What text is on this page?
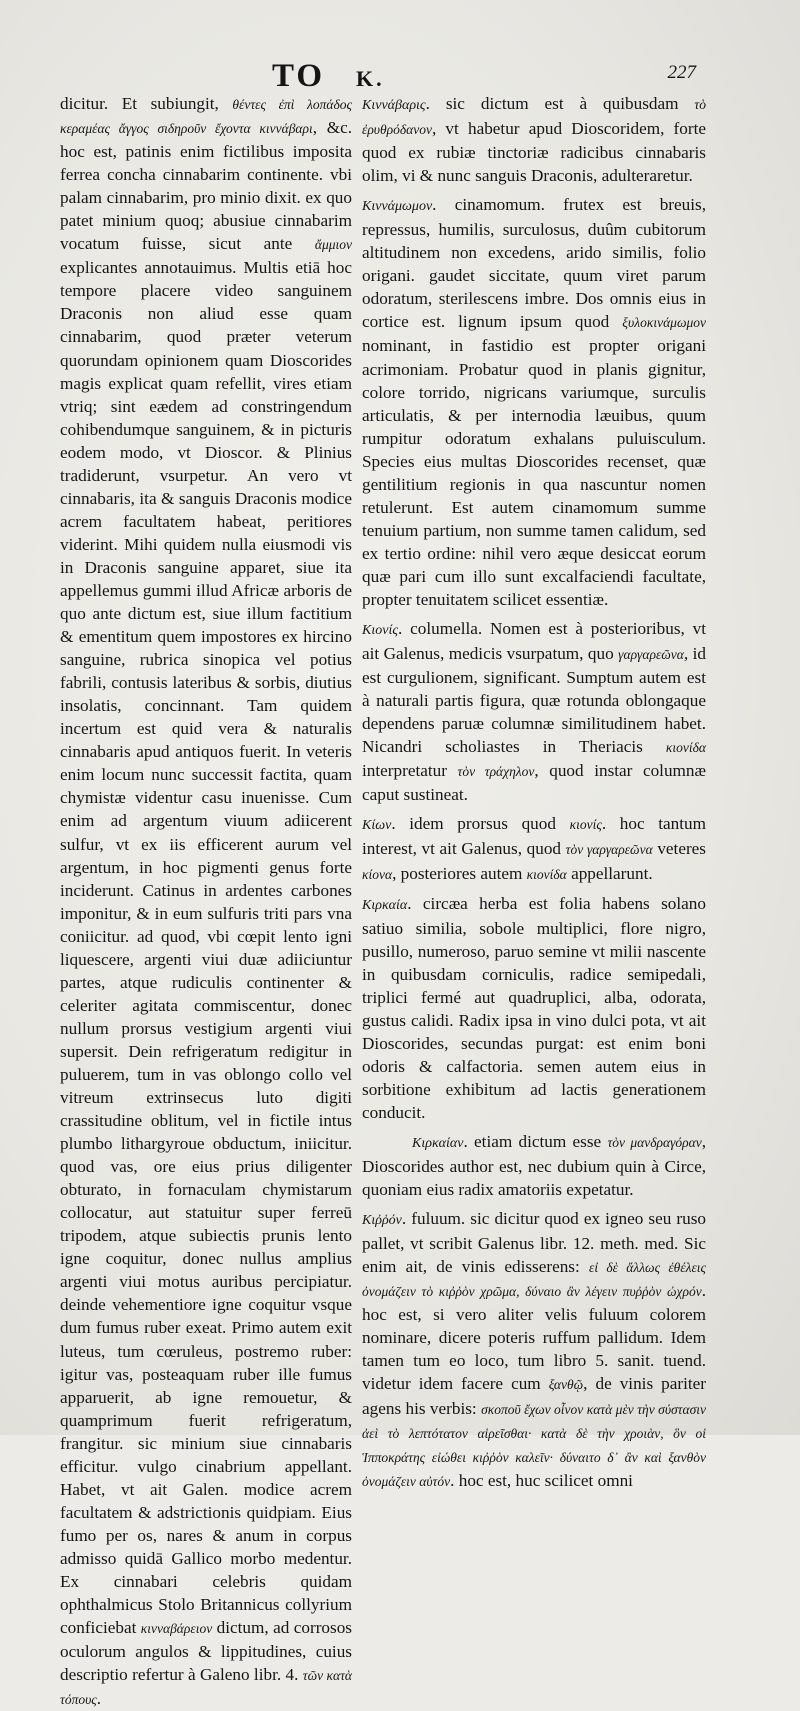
TO K.	227

dicitur. Et subiungit, θέντες ἐπὶ λοπάδος κεραμέας ἄγγος σιδηροῦν ἔχοντα κιννάβαρι, &c. hoc est, patinis enim fictilibus imposita ferrea concha cinnabarim continente. vbi palam cinnabarim, pro minio dixit. ex quo patet minium quoq; abusiue cinnabarim vocatum fuisse, sicut ante ἄμμιον explicantes annotauimus. Multis etiā hoc tempore placere video sanguinem Draconis non aliud esse quam cinnabarim, quod præter veterum quorundam opinionem quam Dioscorides magis explicat quam refellit, vires etiam vtriq; sint eædem ad constringendum cohibendumque sanguinem, & in picturis eodem modo, vt Dioscor. & Plinius tradiderunt, vsurpetur. An vero vt cinnabaris, ita & sanguis Draconis modice acrem facultatem habeat, peritiores viderint. Mihi quidem nulla eiusmodi vis in Draconis sanguine apparet, siue ita appellemus gummi illud Africæ arboris de quo ante dictum est, siue illum factitium & ementitum quem impostores ex hircino sanguine, rubrica sinopica vel potius fabrili, contusis lateribus & sorbis, diutius insolatis, concinnant. Tam quidem incertum est quid vera & naturalis cinnabaris apud antiquos fuerit. In veteris enim locum nunc successit factita, quam chymistæ videntur casu inuenisse. Cum enim ad argentum viuum adiicerent sulfur, vt ex iis efficerent aurum vel argentum, in hoc pigmenti genus forte inciderunt. Catinus in ardentes carbones imponitur, & in eum sulfuris triti pars vna coniicitur. ad quod, vbi cœpit lento igni liquescere, argenti viui duæ adiiciuntur partes, atque rudiculis continenter & celeriter agitata commiscentur, donec nullum prorsus vestigium argenti viui supersit. Dein refrigeratum redigitur in puluerem, tum in vas oblongo collo vel vitreum extrinsecus luto digiti crassitudine oblitum, vel in fictile intus plumbo lithargyroue obductum, iniicitur. quod vas, ore eius prius diligenter obturato, in fornaculam chymistarum collocatur, aut statuitur super ferreū tripodem, atque subiectis prunis lento igne coquitur, donec nullus amplius argenti viui motus auribus percipiatur. deinde vehementiore igne coquitur vsque dum fumus ruber exeat. Primo autem exit luteus, tum cœruleus, postremo ruber: igitur vas, posteaquam ruber ille fumus apparuerit, ab igne remouetur, & quamprimum fuerit refrigeratum, frangitur. sic minium siue cinnabaris efficitur. vulgo cinabrium appellant. Habet, vt ait Galen. modice acrem facultatem & adstrictionis quidpiam. Eius fumo per os, nares & anum in corpus admisso quidā Gallico morbo medentur. Ex cinnabari celebris quidam ophthalmicus Stolo Britannicus collyrium conficiebat κινναβάρειον dictum, ad corrosos oculorum angulos & lippitudines, cuius descriptio refertur à Galeno libr. 4. τῶν κατὰ τόπους.

Κιννάβαρις. sic dictum est à quibusdam τὸ ἐρυθρόδανον, vt habetur apud Dioscoridem, forte quod ex rubiæ tinctoriæ radicibus cinnabaris olim, vi & nunc sanguis Draconis, adulteraretur.

Κιννάμωμον. cinamomum. frutex est breuis, repressus, humilis, surculosus, duûm cubitorum altitudinem non excedens, arido similis, folio origani. gaudet siccitate, quum viret parum odoratum, sterilescens imbre. Dos omnis eius in cortice est. lignum ipsum quod ξυλοκινάμωμον nominant, in fastidio est propter origani acrimoniam. Probatur quod in planis gignitur, colore torrido, nigricans variumque, surculis articulatis, & per internodia læuibus, quum rumpitur odoratum exhalans puluisculum. Species eius multas Dioscorides recenset, quæ gentilitium regionis in qua nascuntur nomen retulerunt. Est autem cinamomum summe tenuium partium, non summe tamen calidum, sed ex tertio ordine: nihil vero æque desiccat eorum quæ pari cum illo sunt excalfaciendi facultate, propter tenuitatem scilicet essentiæ.

Κιονίς. columella. Nomen est à posterioribus, vt ait Galenus, medicis vsurpatum, quo γαργαρεῶνα, id est curgulionem, significant. Sumptum autem est à naturali partis figura, quæ rotunda oblongaque dependens paruæ columnæ similitudinem habet. Nicandri scholiastes in Theriacis κιονίδα interpretatur τὸν τράχηλον, quod instar columnæ caput sustineat.

Κίων. idem prorsus quod κιονίς. hoc tantum interest, vt ait Galenus, quod τὸν γαργαρεῶνα veteres κίονα, posteriores autem κιονίδα appellarunt.

Κιρκαία. circæa herba est folia habens solano satiuo similia, sobole multiplici, flore nigro, pusillo, numeroso, paruo semine vt milii nascente in quibusdam corniculis, radice semipedali, triplici fermé aut quadruplici, alba, odorata, gustus calidi. Radix ipsa in vino dulci pota, vt ait Dioscorides, secundas purgat: est enim boni odoris & calfactoria. semen autem eius in sorbitione exhibitum ad lactis generationem conducit.

Κιρκαίαν. etiam dictum esse τὸν μανδραγόραν, Dioscorides author est, nec dubium quin à Circe, quoniam eius radix amatoriis expetatur.

Κιῤῥόν. fuluum. sic dicitur quod ex igneo seu ruso pallet, vt scribit Galenus libr. 12. meth. med. Sic enim ait, de vinis edisserens: εἰ δὲ ἄλλως ἐθέλεις ὀνομάζειν τὸ κιῤῥὸν χρῶμα, δύναιο ἂν λέγειν πυῤῥὸν ὠχρόν. hoc est, si vero aliter velis fuluum colorem nominare, dicere poteris ruffum pallidum. Idem tamen tum eo loco, tum libro 5. sanit. tuend. videtur idem facere cum ξανθῷ, de vinis pariter agens his verbis: σκοποῦ ἔχων οἶνον κατὰ μὲν τὴν σύστασιν ἀεὶ τὸ λεπτότατον αἱρεῖσθαι· κατὰ δὲ τὴν χροιὰν, ὃν οἱ Ἱπποκράτης εἰώθει κιῤῥὸν καλεῖν· δύναιτο δ᾽ ἂν καὶ ξανθὸν ὀνομάζειν αὐτόν. hoc est, huc scilicet omni
